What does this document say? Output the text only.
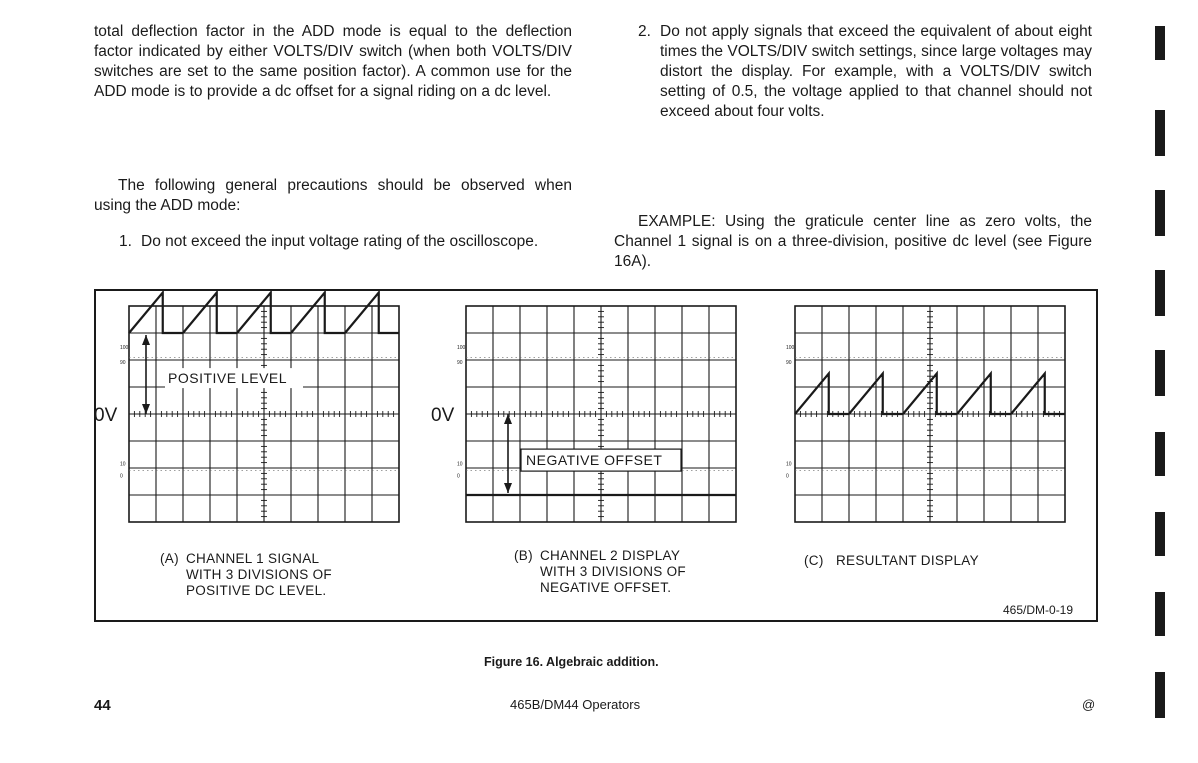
total deflection factor in the ADD mode is equal to the deflection factor indicated by either VOLTS/DIV switch (when both VOLTS/DIV switches are set to the same position factor). A common use for the ADD mode is to provide a dc offset for a signal riding on a dc level.

The following general precautions should be observed when using the ADD mode:

1. Do not exceed the input voltage rating of the oscilloscope.
2. Do not apply signals that exceed the equivalent of about eight times the VOLTS/DIV switch settings, since large voltages may distort the display. For example, with a VOLTS/DIV switch setting of 0.5, the voltage applied to that channel should not exceed about four volts.

EXAMPLE: Using the graticule center line as zero volts, the Channel 1 signal is on a three-division, positive dc level (see Figure 16A).

100
90
10
0
0V
POSITIVE LEVEL
100
90
10
0
0V
NEGATIVE OFFSET
100
90
10
0
(A) CHANNEL 1 SIGNAL
WITH 3 DIVISIONS OF
POSITIVE DC LEVEL.
(B) CHANNEL 2 DISPLAY
WITH 3 DIVISIONS OF
NEGATIVE OFFSET.
(C) RESULTANT DISPLAY
465/DM-0-19
Figure 16. Algebraic addition.
44	465B/DM44 Operators	@
